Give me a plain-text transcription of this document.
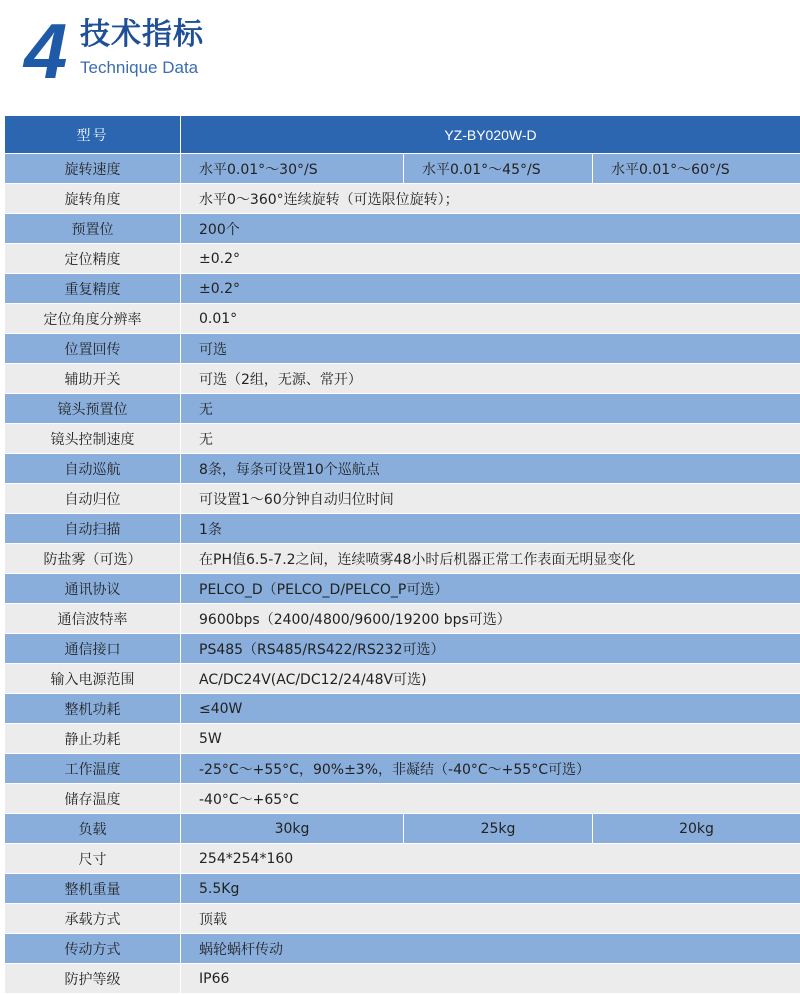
4 技术指标
Technique Data
型号	YZ-BY020W-D		
旋转速度	水平0.01°～30°/S	水平0.01°～45°/S	水平0.01°～60°/S
旋转角度	水平0～360°连续旋转（可选限位旋转）；		
预置位	200个		
定位精度	±0.2°		
重复精度	±0.2°		
定位角度分辨率	0.01°		
位置回传	可选		
辅助开关	可选（2组，无源、常开）		
镜头预置位	无		
镜头控制速度	无		
自动巡航	8条，每条可设置10个巡航点		
自动归位	可设置1～60分钟自动归位时间		
自动扫描	1条		
防盐雾（可选）	在PH值6.5-7.2之间，连续喷雾48小时后机器正常工作表面无明显变化		
通讯协议	PELCO_D（PELCO_D/PELCO_P可选）		
通信波特率	9600bps（2400/4800/9600/19200 bps可选）		
通信接口	PS485（RS485/RS422/RS232可选）		
输入电源范围	AC/DC24V(AC/DC12/24/48V可选)		
整机功耗	≤40W		
静止功耗	5W		
工作温度	-25°C～+55°C，90%±3%，非凝结（-40°C～+55°C可选）		
储存温度	-40°C～+65°C		
负载	30kg	25kg	20kg
尺寸	254*254*160		
整机重量	5.5Kg		
承载方式	顶载		
传动方式	蜗轮蜗杆传动		
防护等级	IP66		
